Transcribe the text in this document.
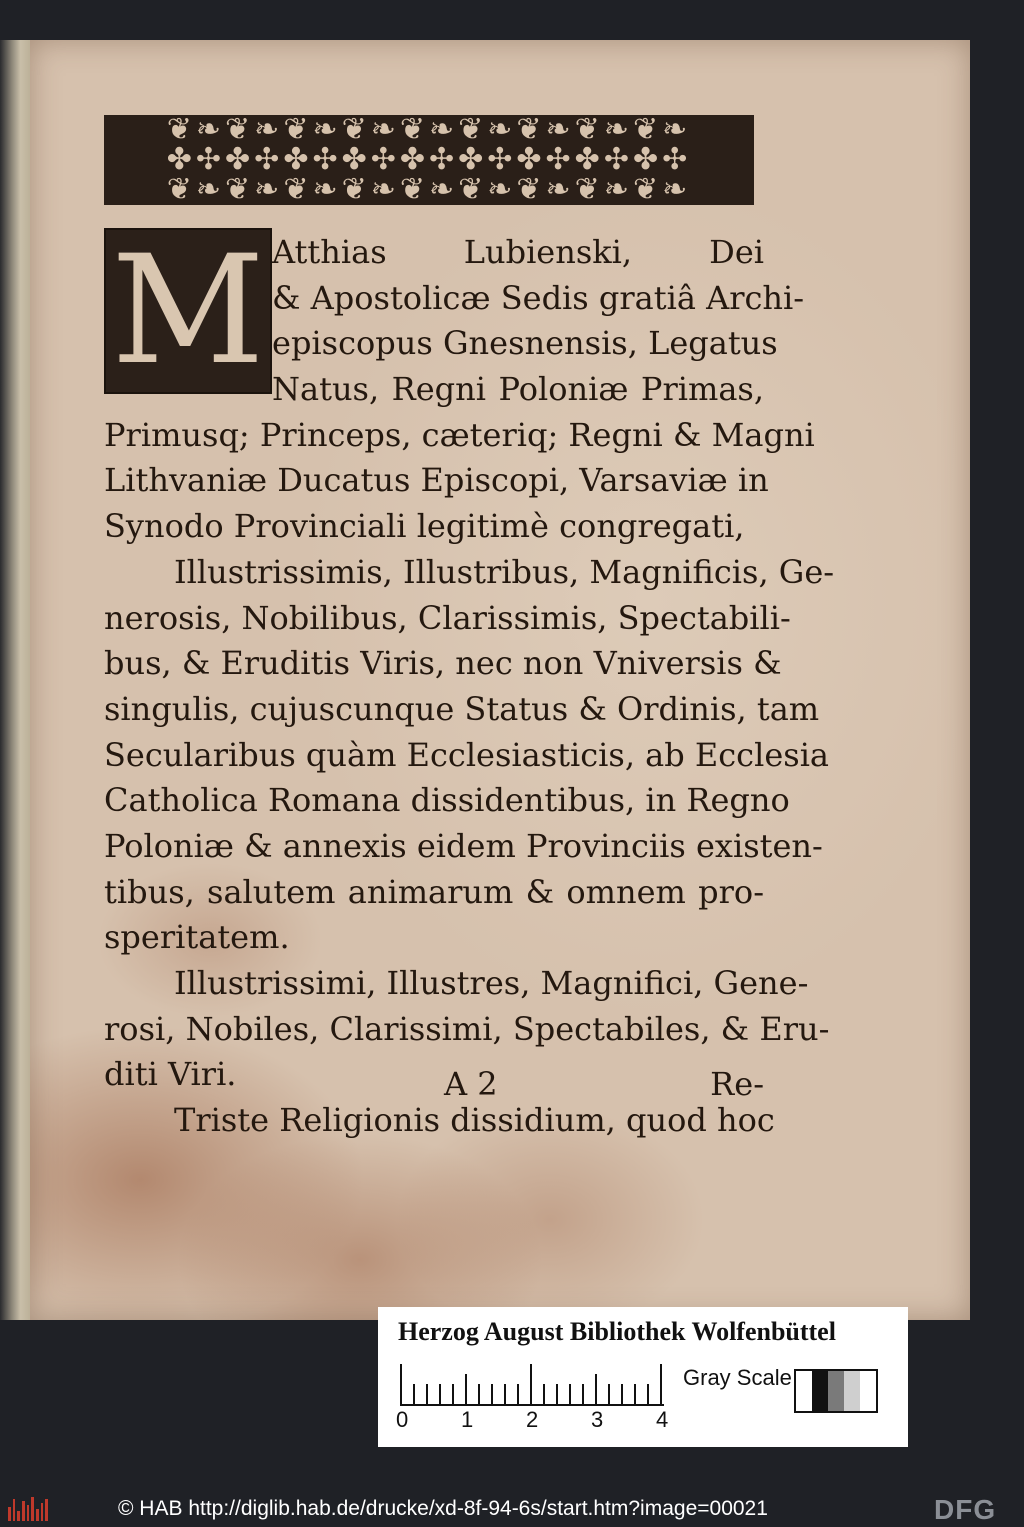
❦❧❦❧❦❧❦❧❦❧❦❧❦❧❦❧❦❧
✤✣✤✣✤✣✤✣✤✣✤✣✤✣✤✣✤✣
❦❧❦❧❦❧❦❧❦❧❦❧❦❧❦❧❦❧
M Atthias Lubienski, Dei
& Apostolicæ Sedis gratiâ Archi-
episcopus Gnesnensis, Legatus
Natus, Regni Poloniæ Primas,
Primusq; Princeps, cæteriq; Regni & Magni
Lithvaniæ Ducatus Episcopi, Varsaviæ in
Synodo Provinciali legitimè congregati,
Illustrissimis, Illustribus, Magnificis, Ge-
nerosis, Nobilibus, Clarissimis, Spectabili-
bus, & Eruditis Viris, nec non Vniversis &
singulis, cujuscunque Status & Ordinis, tam
Secularibus quàm Ecclesiasticis, ab Ecclesia
Catholica Romana dissidentibus, in Regno
Poloniæ & annexis eidem Provinciis existen-
tibus, salutem animarum & omnem pro-
speritatem.
Illustrissimi, Illustres, Magnifici, Gene-
rosi, Nobiles, Clarissimi, Spectabiles, & Eru-
diti Viri.
Triste Religionis dissidium, quod hoc
A 2	Re-
Herzog August Bibliothek Wolfenbüttel
0 1 2 3 4
Gray Scale
© HAB http://diglib.hab.de/drucke/xd-8f-94-6s/start.htm?image=00021	DFG
